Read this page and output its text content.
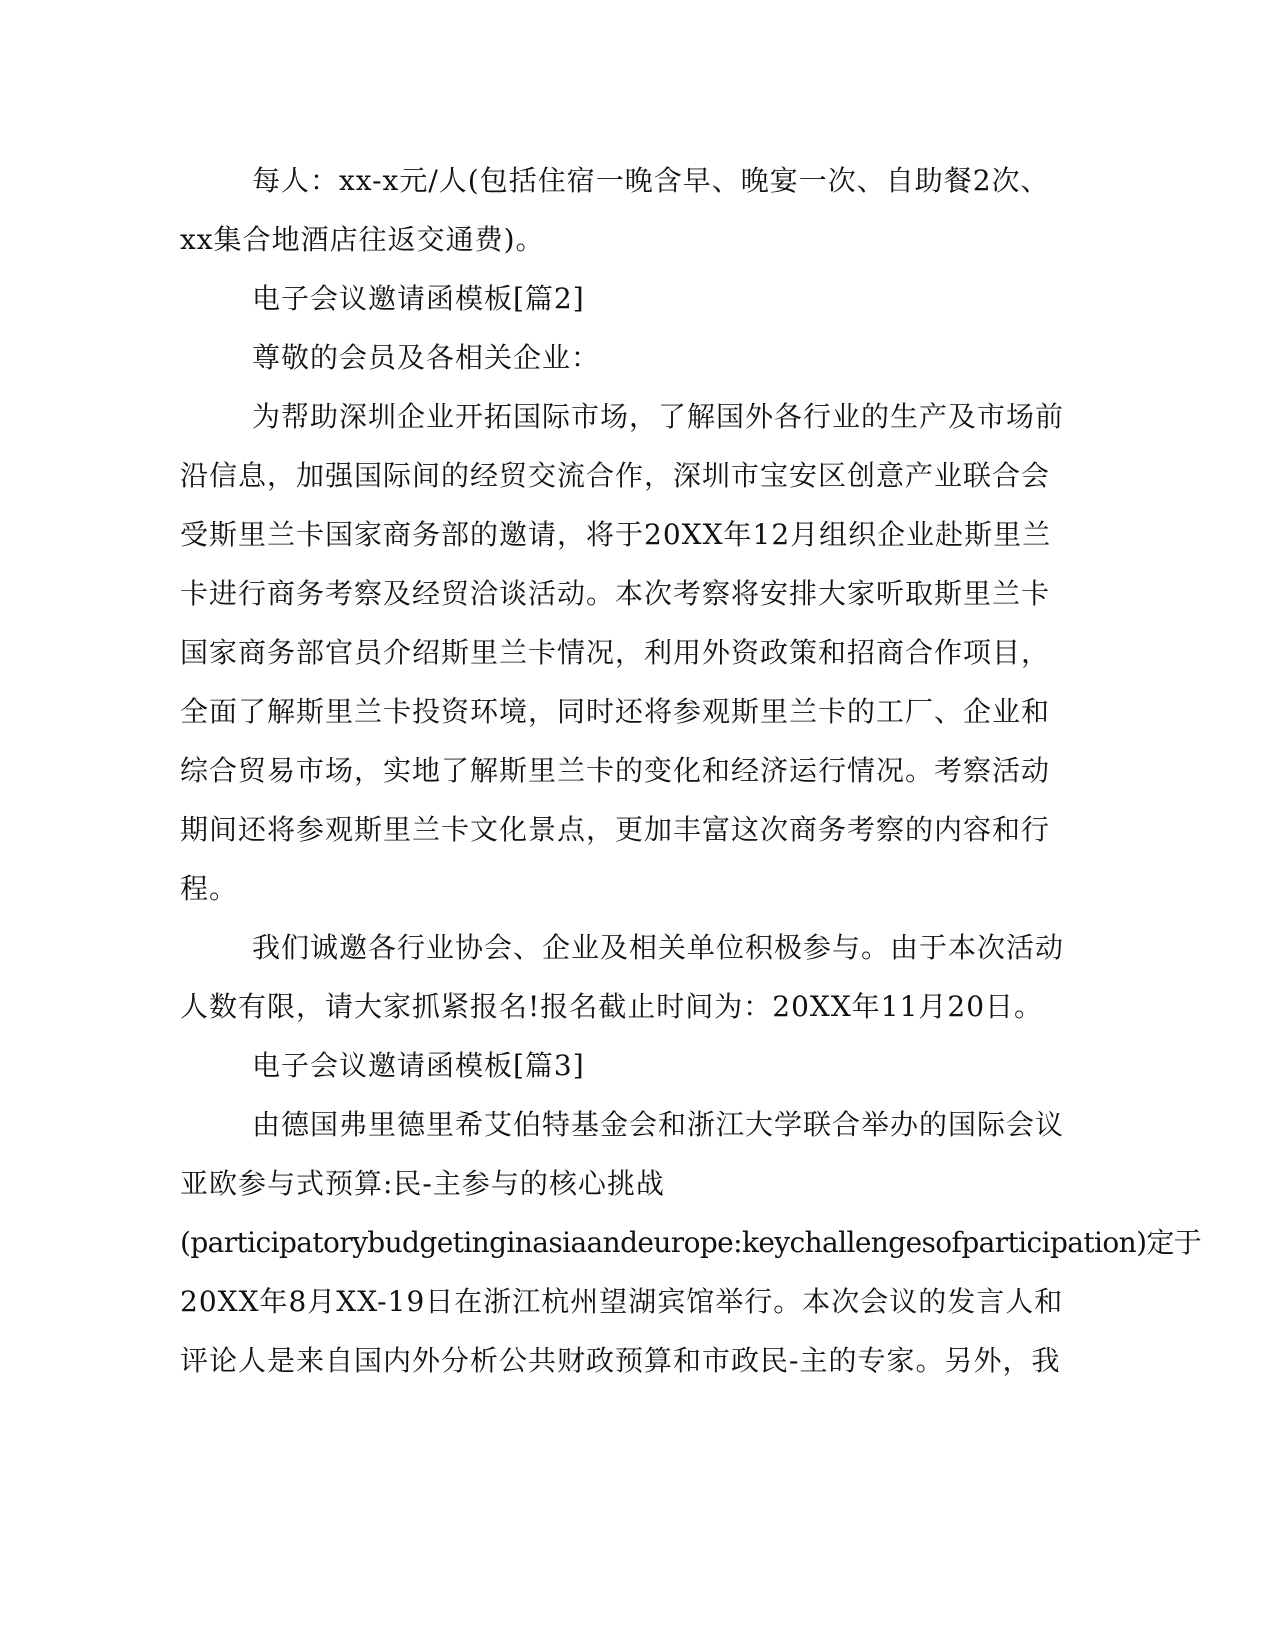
每人：xx-x元/人(包括住宿一晚含早、晚宴一次、自助餐2次、
xx集合地酒店往返交通费)。
电子会议邀请函模板[篇2]
尊敬的会员及各相关企业：
为帮助深圳企业开拓国际市场，了解国外各行业的生产及市场前
沿信息，加强国际间的经贸交流合作，深圳市宝安区创意产业联合会
受斯里兰卡国家商务部的邀请，将于20XX年12月组织企业赴斯里兰
卡进行商务考察及经贸洽谈活动。本次考察将安排大家听取斯里兰卡
国家商务部官员介绍斯里兰卡情况，利用外资政策和招商合作项目，
全面了解斯里兰卡投资环境，同时还将参观斯里兰卡的工厂、企业和
综合贸易市场，实地了解斯里兰卡的变化和经济运行情况。考察活动
期间还将参观斯里兰卡文化景点，更加丰富这次商务考察的内容和行
程。
我们诚邀各行业协会、企业及相关单位积极参与。由于本次活动
人数有限，请大家抓紧报名!报名截止时间为：20XX年11月20日。
电子会议邀请函模板[篇3]
由德国弗里德里希艾伯特基金会和浙江大学联合举办的国际会议
亚欧参与式预算:民-主参与的核心挑战
(participatorybudgetinginasiaandeurope:keychallengesofparticipation)定于
20XX年8月XX-19日在浙江杭州望湖宾馆举行。本次会议的发言人和
评论人是来自国内外分析公共财政预算和市政民-主的专家。另外，我
